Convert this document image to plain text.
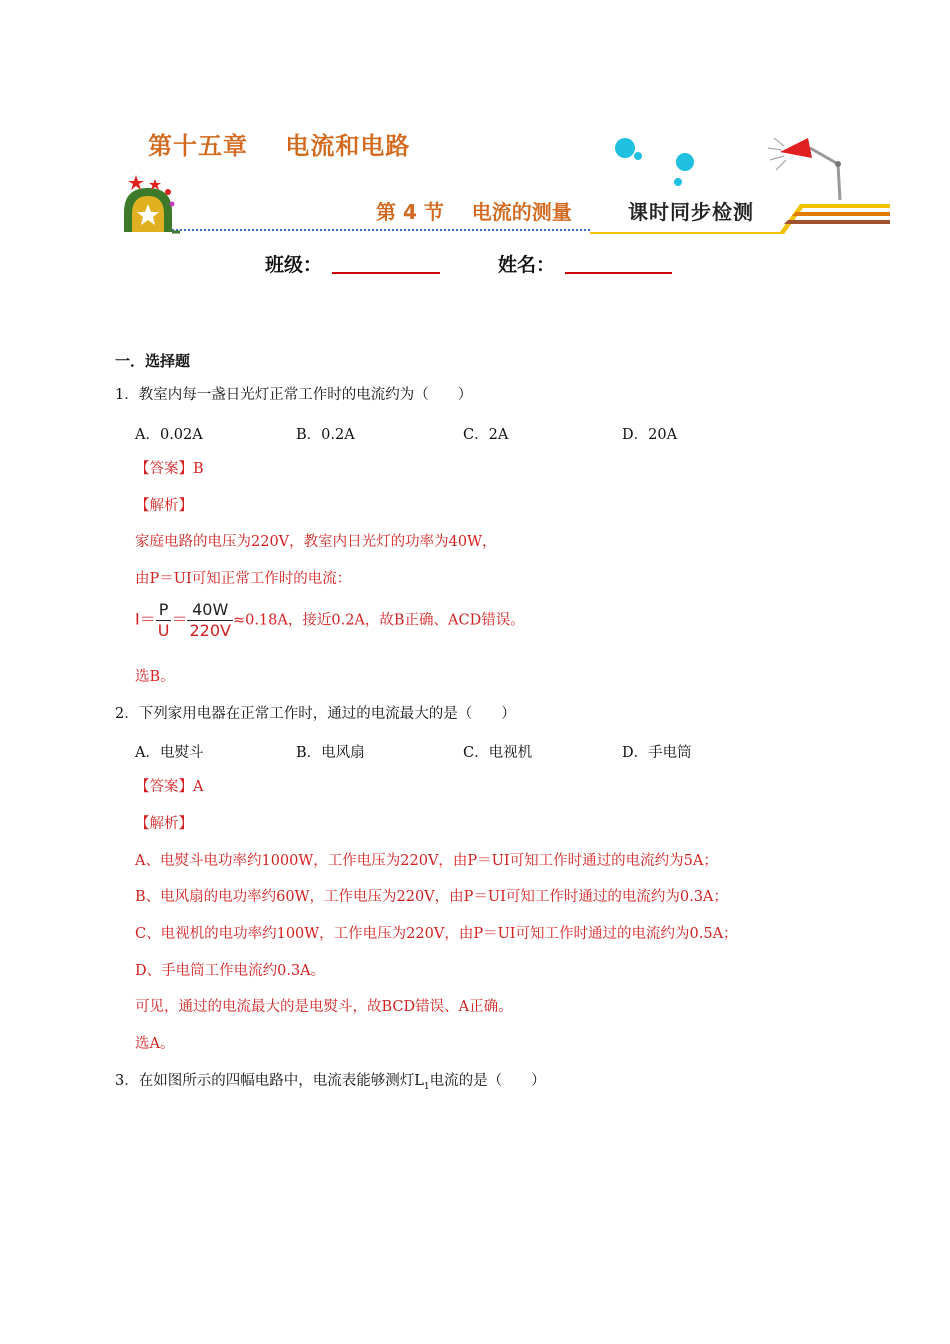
第十五章    电流和电路
第 4 节    电流的测量	课时同步检测
班级：	姓名：
一．选择题
1．教室内每一盏日光灯正常工作时的电流约为（　　）
A．0.02A	B．0.2A	C．2A	D．20A
【答案】B
【解析】
家庭电路的电压为220V，教室内日光灯的功率为40W，
由P＝UI可知正常工作时的电流：
$I= \frac{P}{U} = \frac{40W}{220V} \approx 0.18A$，接近0.2A，故B正确、ACD错误。
选B。
2．下列家用电器在正常工作时，通过的电流最大的是（　　）
A．电熨斗	B．电风扇	C．电视机	D．手电筒
【答案】A
【解析】
A、电熨斗电功率约1000W，工作电压为220V，由P＝UI可知工作时通过的电流约为5A；
B、电风扇的电功率约60W，工作电压为220V，由P＝UI可知工作时通过的电流约为0.3A；
C、电视机的电功率约100W，工作电压为220V，由P＝UI可知工作时通过的电流约为0.5A；
D、手电筒工作电流约0.3A。
可见，通过的电流最大的是电熨斗，故BCD错误、A正确。
选A。
3．在如图所示的四幅电路中，电流表能够测灯$L_1$电流的是（　　）
